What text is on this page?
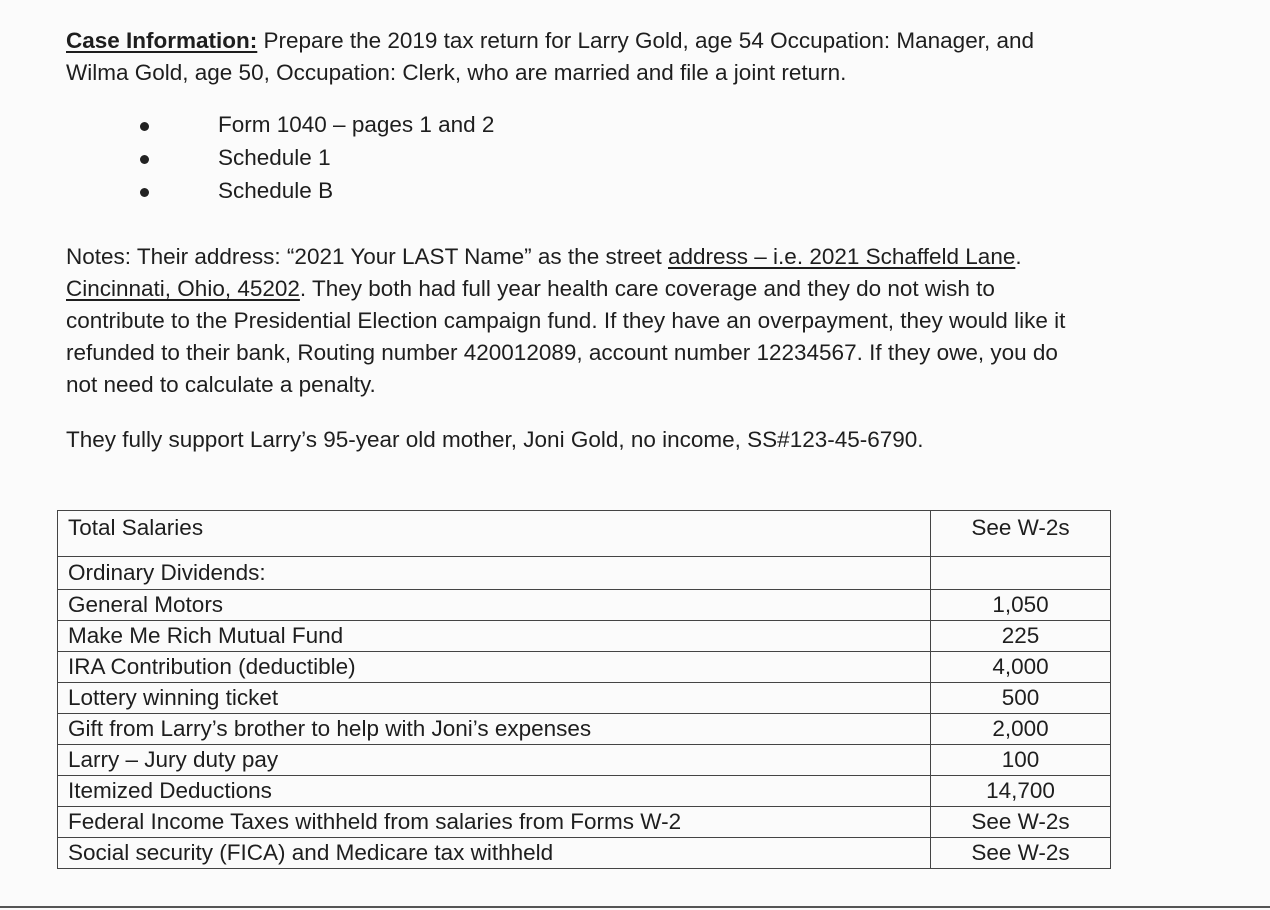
Case Information: Prepare the 2019 tax return for Larry Gold, age 54 Occupation: Manager, and
Wilma Gold, age 50, Occupation: Clerk, who are married and file a joint return.

Form 1040 – pages 1 and 2
Schedule 1
Schedule B

Notes: Their address: “2021 Your LAST Name” as the street address – i.e. 2021 Schaffeld Lane.
Cincinnati, Ohio, 45202. They both had full year health care coverage and they do not wish to
contribute to the Presidential Election campaign fund. If they have an overpayment, they would like it
refunded to their bank, Routing number 420012089, account number 12234567. If they owe, you do
not need to calculate a penalty.

They fully support Larry’s 95-year old mother, Joni Gold, no income, SS#123-45-6790.

Total Salaries	See W-2s
Ordinary Dividends:	
General Motors	1,050
Make Me Rich Mutual Fund	225
IRA Contribution (deductible)	4,000
Lottery winning ticket	500
Gift from Larry’s brother to help with Joni’s expenses	2,000
Larry – Jury duty pay	100
Itemized Deductions	14,700
Federal Income Taxes withheld from salaries from Forms W-2	See W-2s
Social security (FICA) and Medicare tax withheld	See W-2s
